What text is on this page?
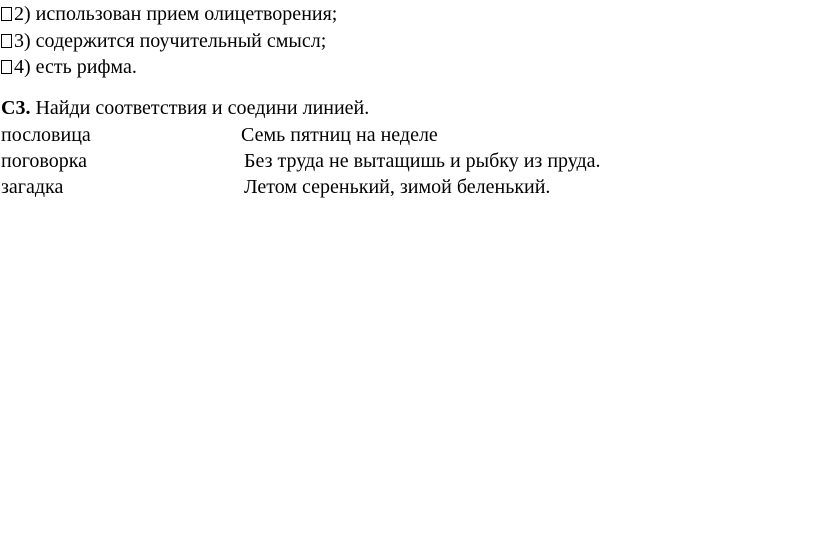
2) использован прием олицетворения;
3) содержится поучительный смысл;
4) есть рифма.
С3. Найди соответствия и соедини линией.
пословица	Семь пятниц на неделе
поговорка	Без труда не вытащишь и рыбку из пруда.
загадка	Летом серенький, зимой беленький.
